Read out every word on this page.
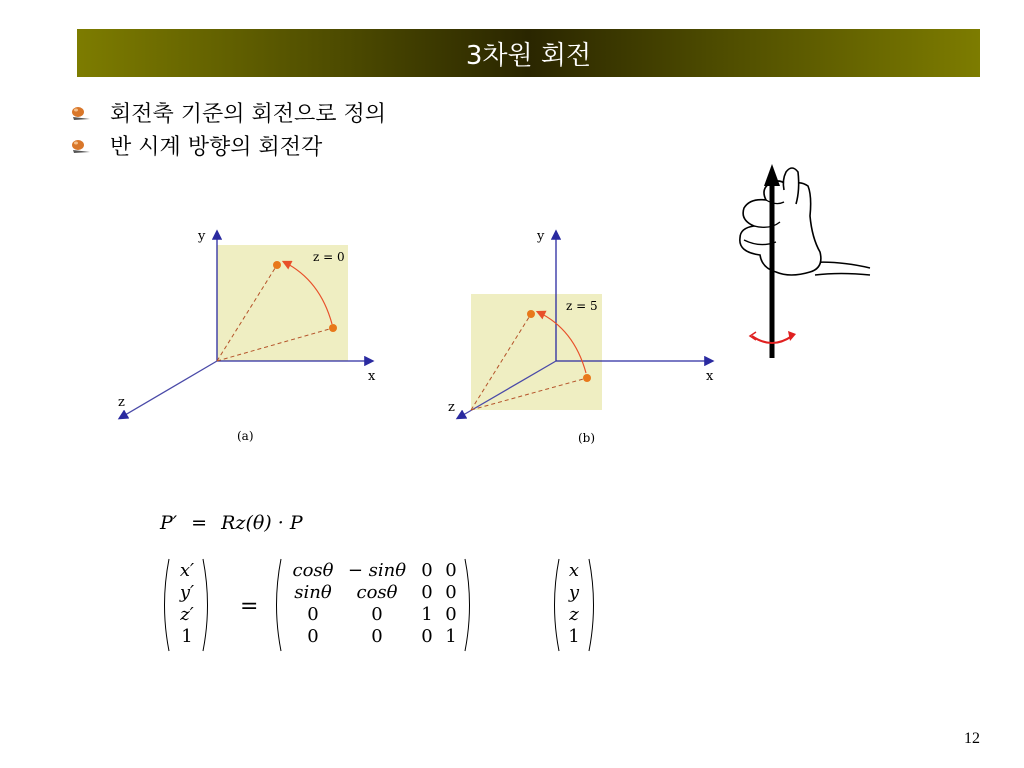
3차원 회전
회전축 기준의 회전으로 정의
반 시계 방향의 회전각
y
x
z
z = 0
(a)
y
x
z
z = 5
(b)
P′ = Rz(θ) · P
x′
y′
z′
1
=
cosθ
sinθ
0
0
− sinθ
cosθ
0
0
0
0
1
0
0
0
0
1
x
y
z
1
12
